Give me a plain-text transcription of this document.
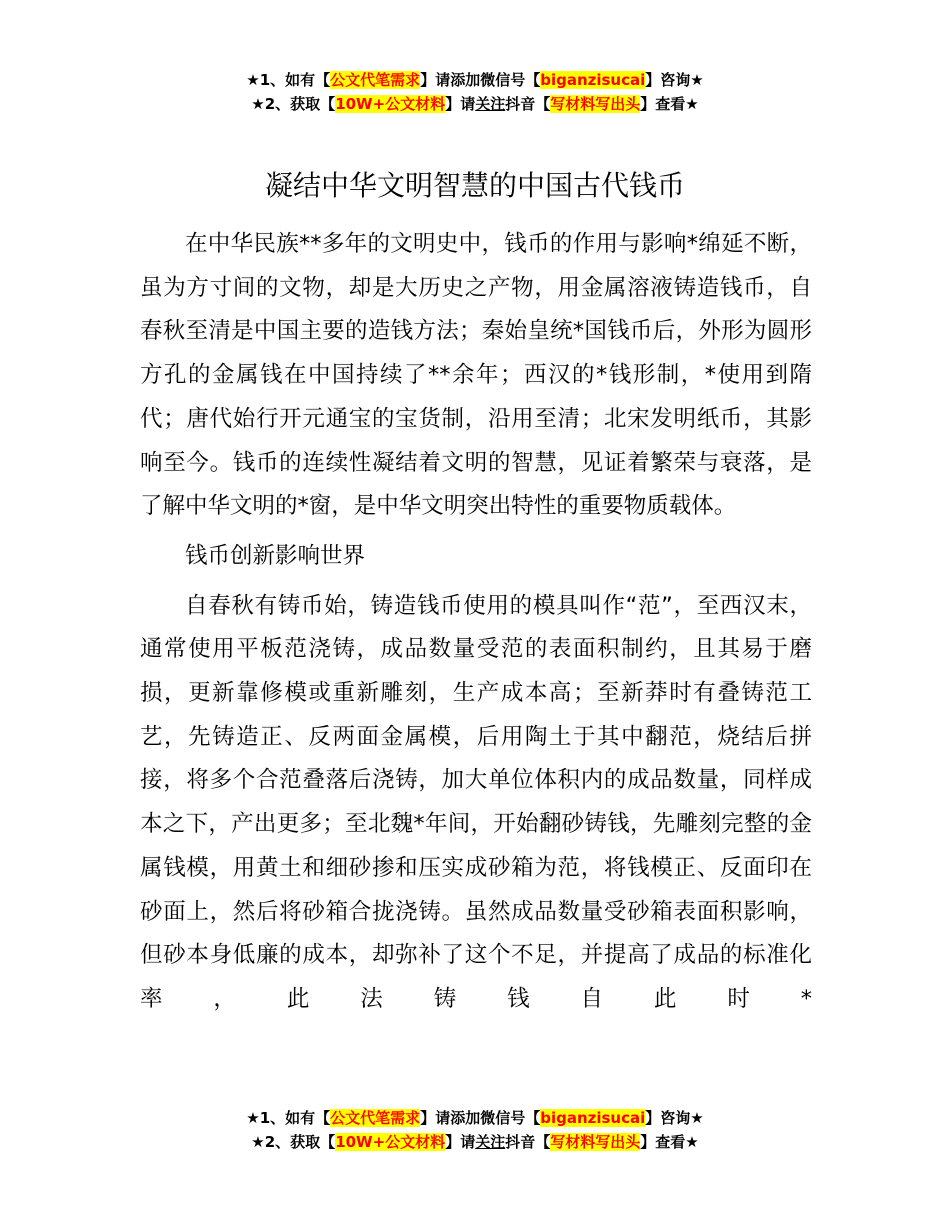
★1、如有【公文代笔需求】请添加微信号【biganzisucai】咨询★
★2、获取【10W+公文材料】请关注抖音【写材料写出头】查看★
凝结中华文明智慧的中国古代钱币

在中华民族**多年的文明史中，钱币的作用与影响*绵延不断，虽为方寸间的文物，却是大历史之产物，用金属溶液铸造钱币，自春秋至清是中国主要的造钱方法；秦始皇统*国钱币后，外形为圆形方孔的金属钱在中国持续了**余年；西汉的*钱形制，*使用到隋代；唐代始行开元通宝的宝货制，沿用至清；北宋发明纸币，其影响至今。钱币的连续性凝结着文明的智慧，见证着繁荣与衰落，是了解中华文明的*窗，是中华文明突出特性的重要物质载体。

钱币创新影响世界

自春秋有铸币始，铸造钱币使用的模具叫作“范”，至西汉末，通常使用平板范浇铸，成品数量受范的表面积制约，且其易于磨损，更新靠修模或重新雕刻，生产成本高；至新莽时有叠铸范工艺，先铸造正、反两面金属模，后用陶土于其中翻范，烧结后拼接，将多个合范叠落后浇铸，加大单位体积内的成品数量，同样成本之下，产出更多；至北魏*年间，开始翻砂铸钱，先雕刻完整的金属钱模，用黄土和细砂掺和压实成砂箱为范，将钱模正、反面印在砂面上，然后将砂箱合拢浇铸。虽然成品数量受砂箱表面积影响，但砂本身低廉的成本，却弥补了这个不足，并提高了成品的标准化率，此法铸钱自此时*

★1、如有【公文代笔需求】请添加微信号【biganzisucai】咨询★
★2、获取【10W+公文材料】请关注抖音【写材料写出头】查看★
